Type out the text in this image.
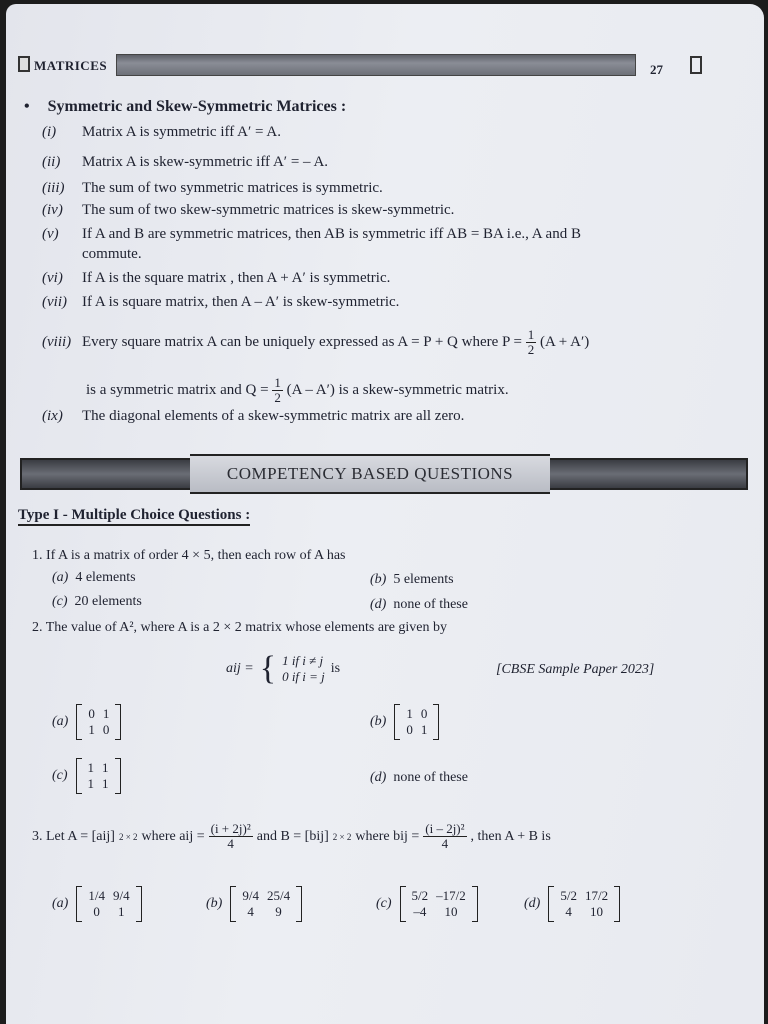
MATRICES	27
• Symmetric and Skew-Symmetric Matrices :
(i) Matrix A is symmetric iff A′ = A.
(ii) Matrix A is skew-symmetric iff A′ = – A.
(iii) The sum of two symmetric matrices is symmetric.
(iv) The sum of two skew-symmetric matrices is skew-symmetric.
(v) If A and B are symmetric matrices, then AB is symmetric iff AB = BA i.e., A and B
commute.
(vi) If A is the square matrix , then A + A′ is symmetric.
(vii) If A is square matrix, then A – A′ is skew-symmetric.
(viii) Every square matrix A can be uniquely expressed as A = P + Q where $P = \frac{1}{2} (A + A')$
is a symmetric matrix and $Q = \frac{1}{2} (A - A')$ is a skew-symmetric matrix.
(ix) The diagonal elements of a skew-symmetric matrix are all zero.
COMPETENCY BASED QUESTIONS
Type I - Multiple Choice Questions :
1. If A is a matrix of order 4 × 5, then each row of A has
(a) 4 elements	(b) 5 elements
(c) 20 elements	(d) none of these
2. The value of A², where A is a 2 × 2 matrix whose elements are given by
aij = { 1 if i ≠ j
0 if i = j
is	[CBSE Sample Paper 2023]
(a)
0	1
1	0
(b)
1	0
0	1
(c)
1	1
1	1	(d) none of these
3. Let A = [aij] 2 × 2 where aij = $\frac{\text{(i + 2j)²}}{4}$ and B = [bij] 2 × 2 where bij = $\frac{\text{(i – 2j)²}}{4}$ , then A + B is
(a)
1/4	9/4
0	1
(b)
9/4	25/4
4	9
(c)
5/2	–17/2
–4	10
(d)
5/2	17/2
4	10
